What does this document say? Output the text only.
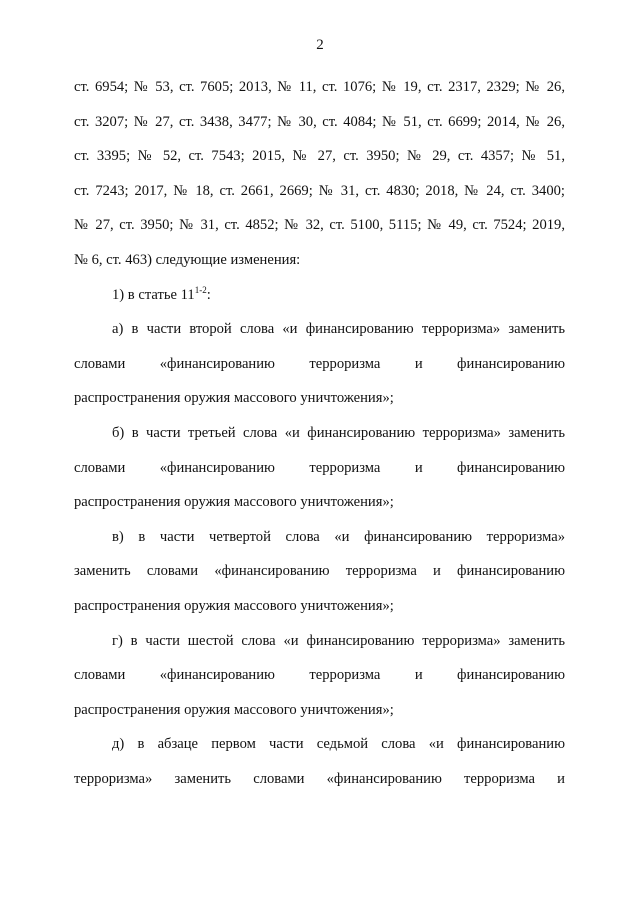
2
ст. 6954; № 53, ст. 7605; 2013, № 11, ст. 1076; № 19, ст. 2317, 2329; № 26,
ст. 3207; № 27, ст. 3438, 3477; № 30, ст. 4084; № 51, ст. 6699; 2014, № 26,
ст. 3395; № 52, ст. 7543; 2015, № 27, ст. 3950; № 29, ст. 4357; № 51,
ст. 7243; 2017, № 18, ст. 2661, 2669; № 31, ст. 4830; 2018, № 24, ст. 3400;
№ 27, ст. 3950; № 31, ст. 4852; № 32, ст. 5100, 5115; № 49, ст. 7524; 2019,
№ 6, ст. 463) следующие изменения:
1) в статье 11$^{1-2}$:
а) в части второй слова «и финансированию терроризма» заменить
словами «финансированию терроризма и финансированию
распространения оружия массового уничтожения»;
б) в части третьей слова «и финансированию терроризма» заменить
словами «финансированию терроризма и финансированию
распространения оружия массового уничтожения»;
в) в части четвертой слова «и финансированию терроризма»
заменить словами «финансированию терроризма и финансированию
распространения оружия массового уничтожения»;
г) в части шестой слова «и финансированию терроризма» заменить
словами «финансированию терроризма и финансированию
распространения оружия массового уничтожения»;
д) в абзаце первом части седьмой слова «и финансированию
терроризма» заменить словами «финансированию терроризма и
